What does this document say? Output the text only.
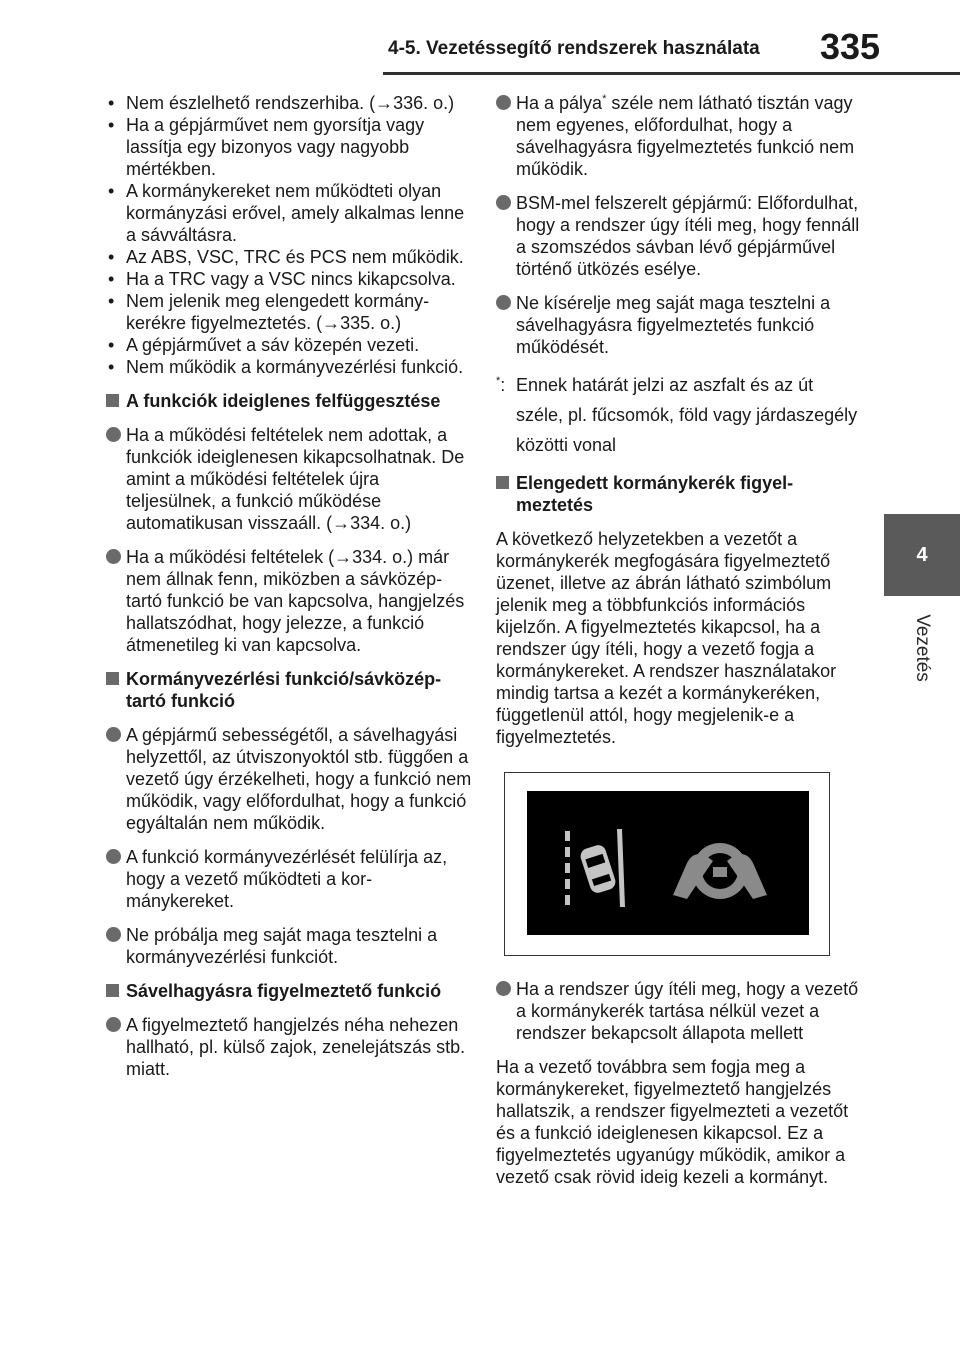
4-5. Vezetéssegítő rendszerek használata 335
4
Vezetés
• Nem észlelhető rendszerhiba. (→336. o.)
• Ha a gépjárművet nem gyorsítja vagy lassítja egy bizonyos vagy nagyobb mértékben.
• A kormánykereket nem működteti olyan kormányzási erővel, amely alkalmas lenne a sávváltásra.
• Az ABS, VSC, TRC és PCS nem működik.
• Ha a TRC vagy a VSC nincs kikapcsolva.
• Nem jelenik meg elengedett kormánykerékre figyelmeztetés. (→335. o.)
• A gépjárművet a sáv közepén vezeti.
• Nem működik a kormányvezérlési funkció.
A funkciók ideiglenes felfüggesztése
Ha a működési feltételek nem adottak, a funkciók ideiglenesen kikapcsolhatnak. De amint a működési feltételek újra teljesülnek, a funkció működése automatikusan visszaáll. (→334. o.)
Ha a működési feltételek (→334. o.) már nem állnak fenn, miközben a sávközép-tartó funkció be van kapcsolva, hangjelzés hallatszódhat, hogy jelezze, a funkció átmenetileg ki van kapcsolva.
Kormányvezérlési funkció/sávközép-tartó funkció
A gépjármű sebességétől, a sávelhagyási helyzettől, az útviszonyoktól stb. függően a vezető úgy érzékelheti, hogy a funkció nem működik, vagy előfordulhat, hogy a funkció egyáltalán nem működik.
A funkció kormányvezérlését felülírja az, hogy a vezető működteti a kormánykereket.
Ne próbálja meg saját maga tesztelni a kormányvezérlési funkciót.
Sávelhagyásra figyelmeztető funkció
A figyelmeztető hangjelzés néha nehezen hallható, pl. külső zajok, zenelejátszás stb. miatt.
Ha a pálya* széle nem látható tisztán vagy nem egyenes, előfordulhat, hogy a sávelhagyásra figyelmeztetés funkció nem működik.
BSM-mel felszerelt gépjármű: Előfordulhat, hogy a rendszer úgy ítéli meg, hogy fennáll a szomszédos sávban lévő gépjárművel történő ütközés esélye.
Ne kísérelje meg saját maga tesztelni a sávelhagyásra figyelmeztetés funkció működését.
*: Ennek határát jelzi az aszfalt és az út széle, pl. fűcsomók, föld vagy járdaszegély közötti vonal
Elengedett kormánykerék figyelmeztetés
A következő helyzetekben a vezetőt a kormánykerék megfogására figyelmeztető üzenet, illetve az ábrán látható szimbólum jelenik meg a többfunkciós információs kijelzőn. A figyelmeztetés kikapcsol, ha a rendszer úgy ítéli, hogy a vezető fogja a kormánykereket. A rendszer használatakor mindig tartsa a kezét a kormánykeréken, függetlenül attól, hogy megjelenik-e a figyelmeztetés.
Ha a rendszer úgy ítéli meg, hogy a vezető a kormánykerék tartása nélkül vezet a rendszer bekapcsolt állapota mellett
Ha a vezető továbbra sem fogja meg a kormánykereket, figyelmeztető hangjelzés hallatszik, a rendszer figyelmezteti a vezetőt és a funkció ideiglenesen kikapcsol. Ez a figyelmeztetés ugyanúgy működik, amikor a vezető csak rövid ideig kezeli a kormányt.
